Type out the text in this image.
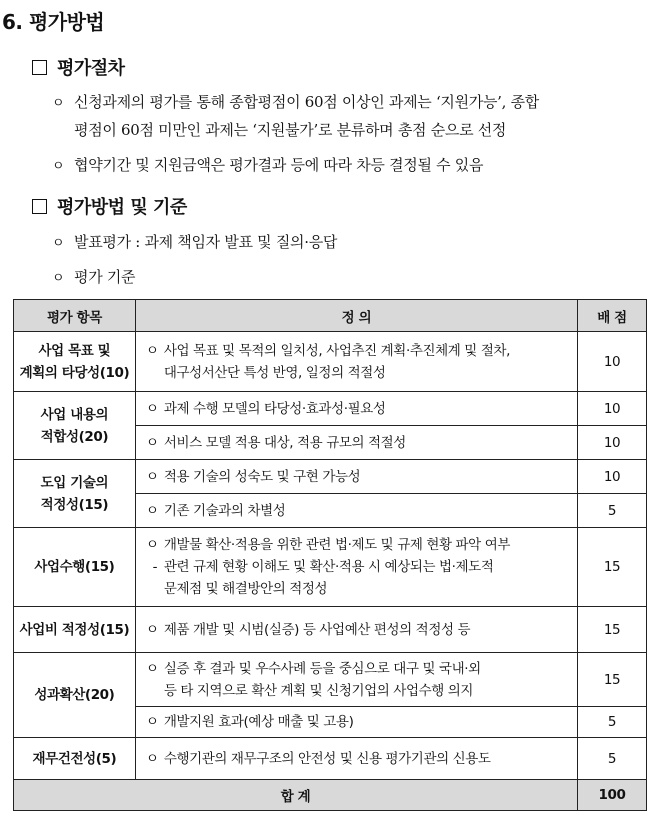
6. 평가방법
평가절차
ㅇ 신청과제의 평가를 통해 종합평점이 60점 이상인 과제는 ‘지원가능’, 종합
평점이 60점 미만인 과제는 ‘지원불가’로 분류하며 총점 순으로 선정
ㅇ 협약기간 및 지원금액은 평가결과 등에 따라 차등 결정될 수 있음
평가방법 및 기준
ㅇ 발표평가 : 과제 책임자 발표 및 질의·응답
ㅇ 평가 기준
평가 항목	정 의	배 점
사업 목표 및
계획의 타당성(10)	ㅇ 사업 목표 및 목적의 일치성, 사업추진 계획·추진체계 및 절차,
대구성서산단 특성 반영, 일정의 적절성	10
사업 내용의
적합성(20)	ㅇ 과제 수행 모델의 타당성·효과성·필요성	10
	ㅇ 서비스 모델 적용 대상, 적용 규모의 적절성	10
도입 기술의
적정성(15)	ㅇ 적용 기술의 성숙도 및 구현 가능성	10
	ㅇ 기존 기술과의 차별성	5
사업수행(15)	ㅇ 개발물 확산·적용을 위한 관련 법·제도 및 규제 현황 파악 여부
- 관련 규제 현황 이해도 및 확산·적용 시 예상되는 법·제도적
문제점 및 해결방안의 적정성	15
사업비 적정성(15)	ㅇ 제품 개발 및 시범(실증) 등 사업예산 편성의 적정성 등	15
성과확산(20)	ㅇ 실증 후 결과 및 우수사례 등을 중심으로 대구 및 국내·외
등 타 지역으로 확산 계획 및 신청기업의 사업수행 의지	15
	ㅇ 개발지원 효과(예상 매출 및 고용)	5
재무건전성(5)	ㅇ 수행기관의 재무구조의 안전성 및 신용 평가기관의 신용도	5
합 계		100
